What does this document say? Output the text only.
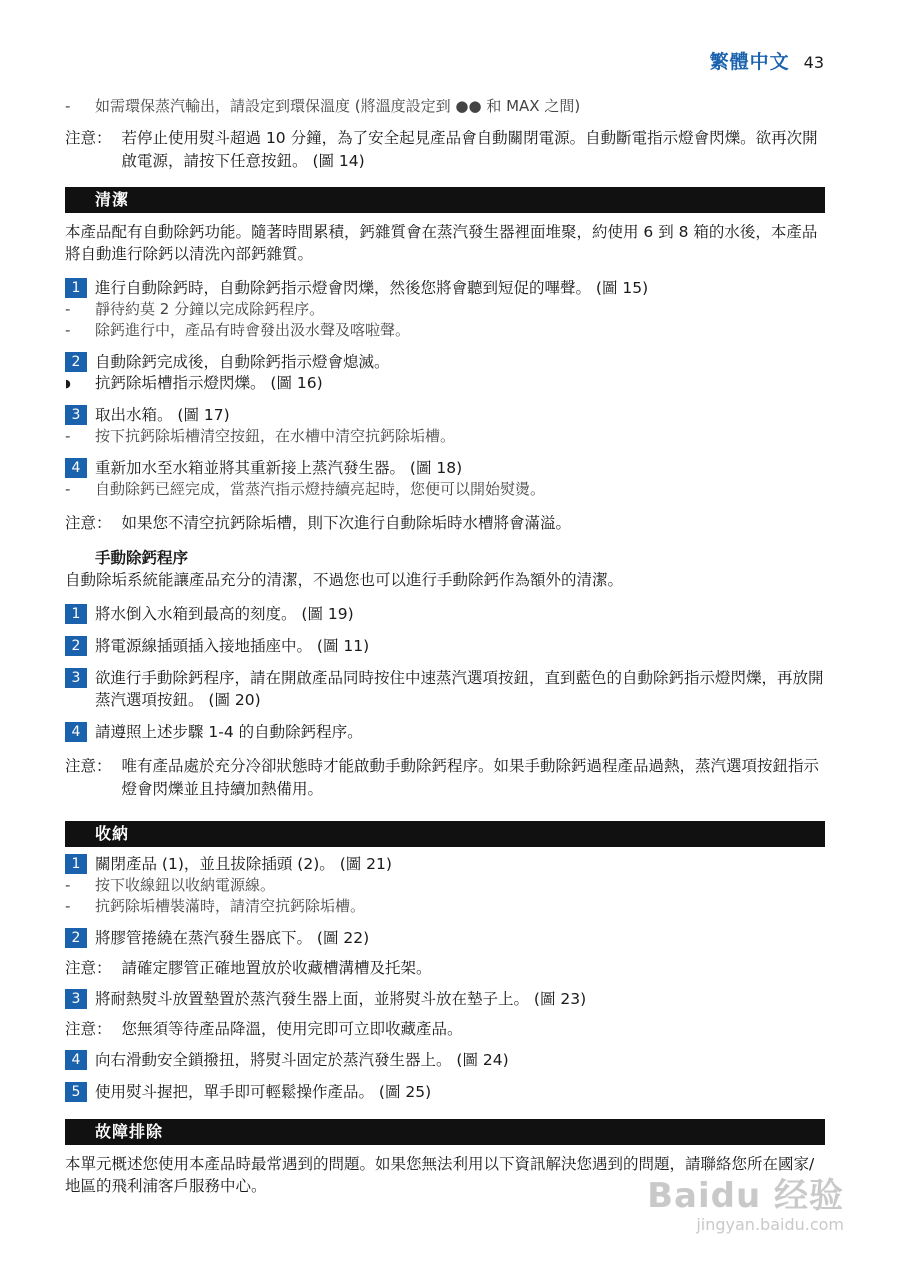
繁體中文 43
-	如需環保蒸汽輸出，請設定到環保溫度 (將溫度設定到 ●● 和 MAX 之間)
注意： 若停止使用熨斗超過 10 分鐘，為了安全起見產品會自動關閉電源。自動斷電指示燈會閃爍。欲再次開啟電源，請按下任意按鈕。 (圖 14)
清潔

本產品配有自動除鈣功能。隨著時間累積，鈣雜質會在蒸汽發生器裡面堆聚，約使用 6 到 8 箱的水後，本產品將自動進行除鈣以清洗內部鈣雜質。

1 進行自動除鈣時，自動除鈣指示燈會閃爍，然後您將會聽到短促的嗶聲。 (圖 15)
-	靜待約莫 2 分鐘以完成除鈣程序。
-	除鈣進行中，產品有時會發出汲水聲及喀啦聲。
2 自動除鈣完成後，自動除鈣指示燈會熄滅。
◗	抗鈣除垢槽指示燈閃爍。 (圖 16)
3 取出水箱。 (圖 17)
-	按下抗鈣除垢槽清空按鈕，在水槽中清空抗鈣除垢槽。
4 重新加水至水箱並將其重新接上蒸汽發生器。 (圖 18)
-	自動除鈣已經完成，當蒸汽指示燈持續亮起時，您便可以開始熨燙。
注意： 如果您不清空抗鈣除垢槽，則下次進行自動除垢時水槽將會滿溢。
手動除鈣程序

自動除垢系統能讓產品充分的清潔，不過您也可以進行手動除鈣作為額外的清潔。

1 將水倒入水箱到最高的刻度。 (圖 19)
2 將電源線插頭插入接地插座中。 (圖 11)
3 欲進行手動除鈣程序，請在開啟產品同時按住中速蒸汽選項按鈕，直到藍色的自動除鈣指示燈閃爍，再放開蒸汽選項按鈕。 (圖 20)
4 請遵照上述步驟 1-4 的自動除鈣程序。
注意： 唯有產品處於充分冷卻狀態時才能啟動手動除鈣程序。如果手動除鈣過程產品過熱，蒸汽選項按鈕指示燈會閃爍並且持續加熱備用。
收納
1 關閉產品 (1)，並且拔除插頭 (2)。 (圖 21)
-	按下收線鈕以收納電源線。
-	抗鈣除垢槽裝滿時，請清空抗鈣除垢槽。
2 將膠管捲繞在蒸汽發生器底下。 (圖 22)
注意： 請確定膠管正確地置放於收藏槽溝槽及托架。
3 將耐熱熨斗放置墊置於蒸汽發生器上面，並將熨斗放在墊子上。 (圖 23)
注意： 您無須等待產品降溫，使用完即可立即收藏產品。
4 向右滑動安全鎖撥扭，將熨斗固定於蒸汽發生器上。 (圖 24)
5 使用熨斗握把，單手即可輕鬆操作產品。 (圖 25)
故障排除

本單元概述您使用本產品時最常遇到的問題。如果您無法利用以下資訊解決您遇到的問題，請聯絡您所在國家/地區的飛利浦客戶服務中心。	Baidu 经验
jingyan.baidu.com
